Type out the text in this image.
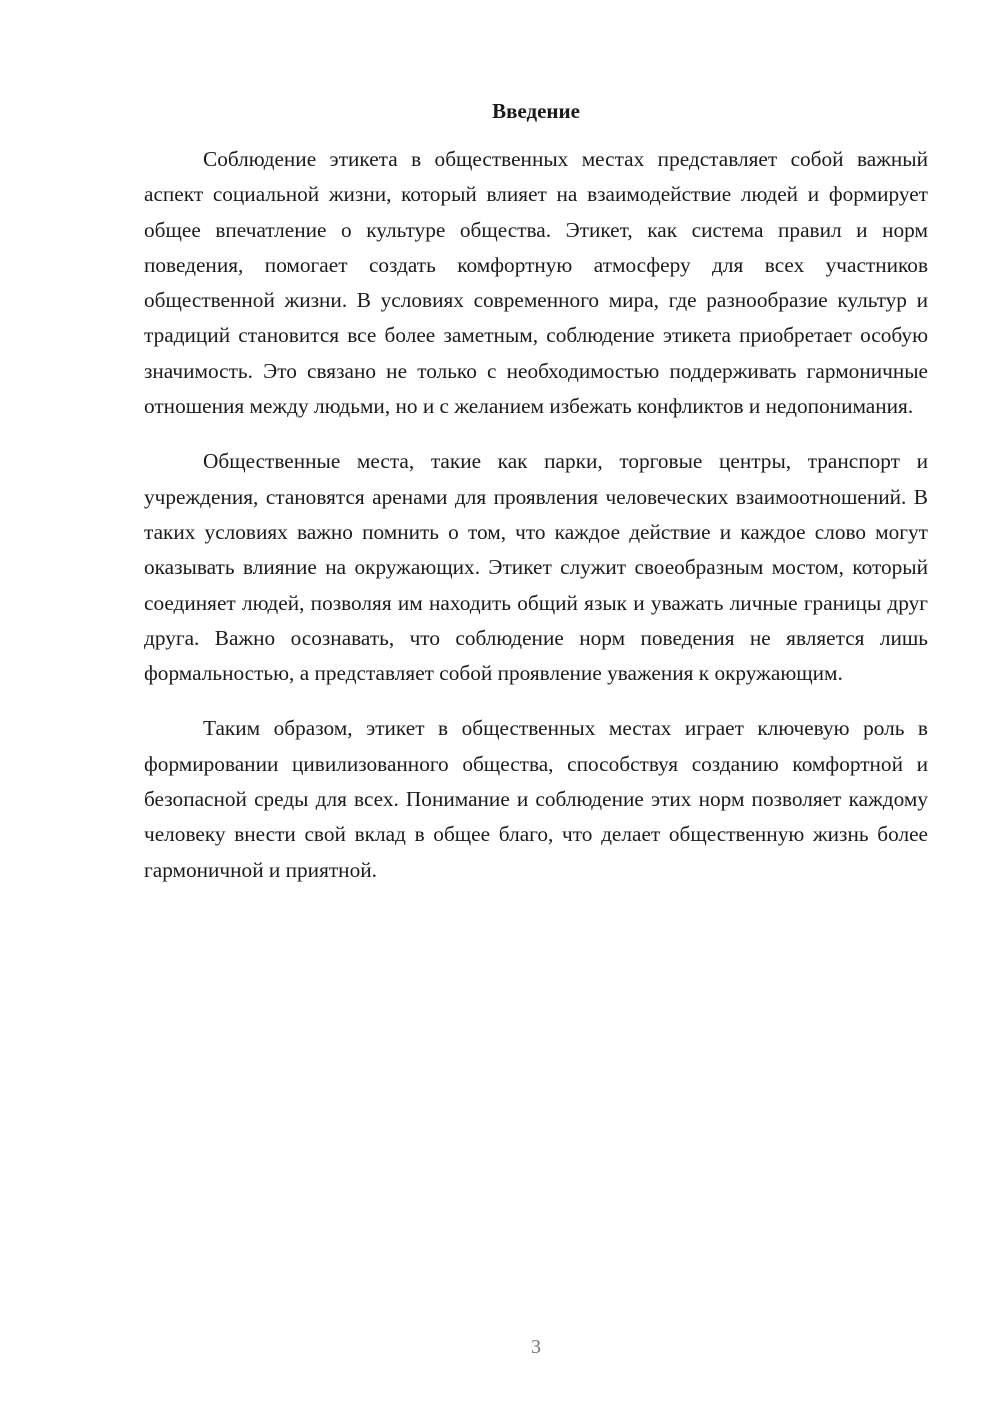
Введение

Соблюдение этикета в общественных местах представляет собой важный аспект социальной жизни, который влияет на взаимодействие людей и формирует общее впечатление о культуре общества. Этикет, как система правил и норм поведения, помогает создать комфортную атмосферу для всех участников общественной жизни. В условиях современного мира, где разнообразие культур и традиций становится все более заметным, соблюдение этикета приобретает особую значимость. Это связано не только с необходимостью поддерживать гармоничные отношения между людьми, но и с желанием избежать конфликтов и недопонимания.

Общественные места, такие как парки, торговые центры, транспорт и учреждения, становятся аренами для проявления человеческих взаимоотношений. В таких условиях важно помнить о том, что каждое действие и каждое слово могут оказывать влияние на окружающих. Этикет служит своеобразным мостом, который соединяет людей, позволяя им находить общий язык и уважать личные границы друг друга. Важно осознавать, что соблюдение норм поведения не является лишь формальностью, а представляет собой проявление уважения к окружающим.

Таким образом, этикет в общественных местах играет ключевую роль в формировании цивилизованного общества, способствуя созданию комфортной и безопасной среды для всех. Понимание и соблюдение этих норм позволяет каждому человеку внести свой вклад в общее благо, что делает общественную жизнь более гармоничной и приятной.

3
